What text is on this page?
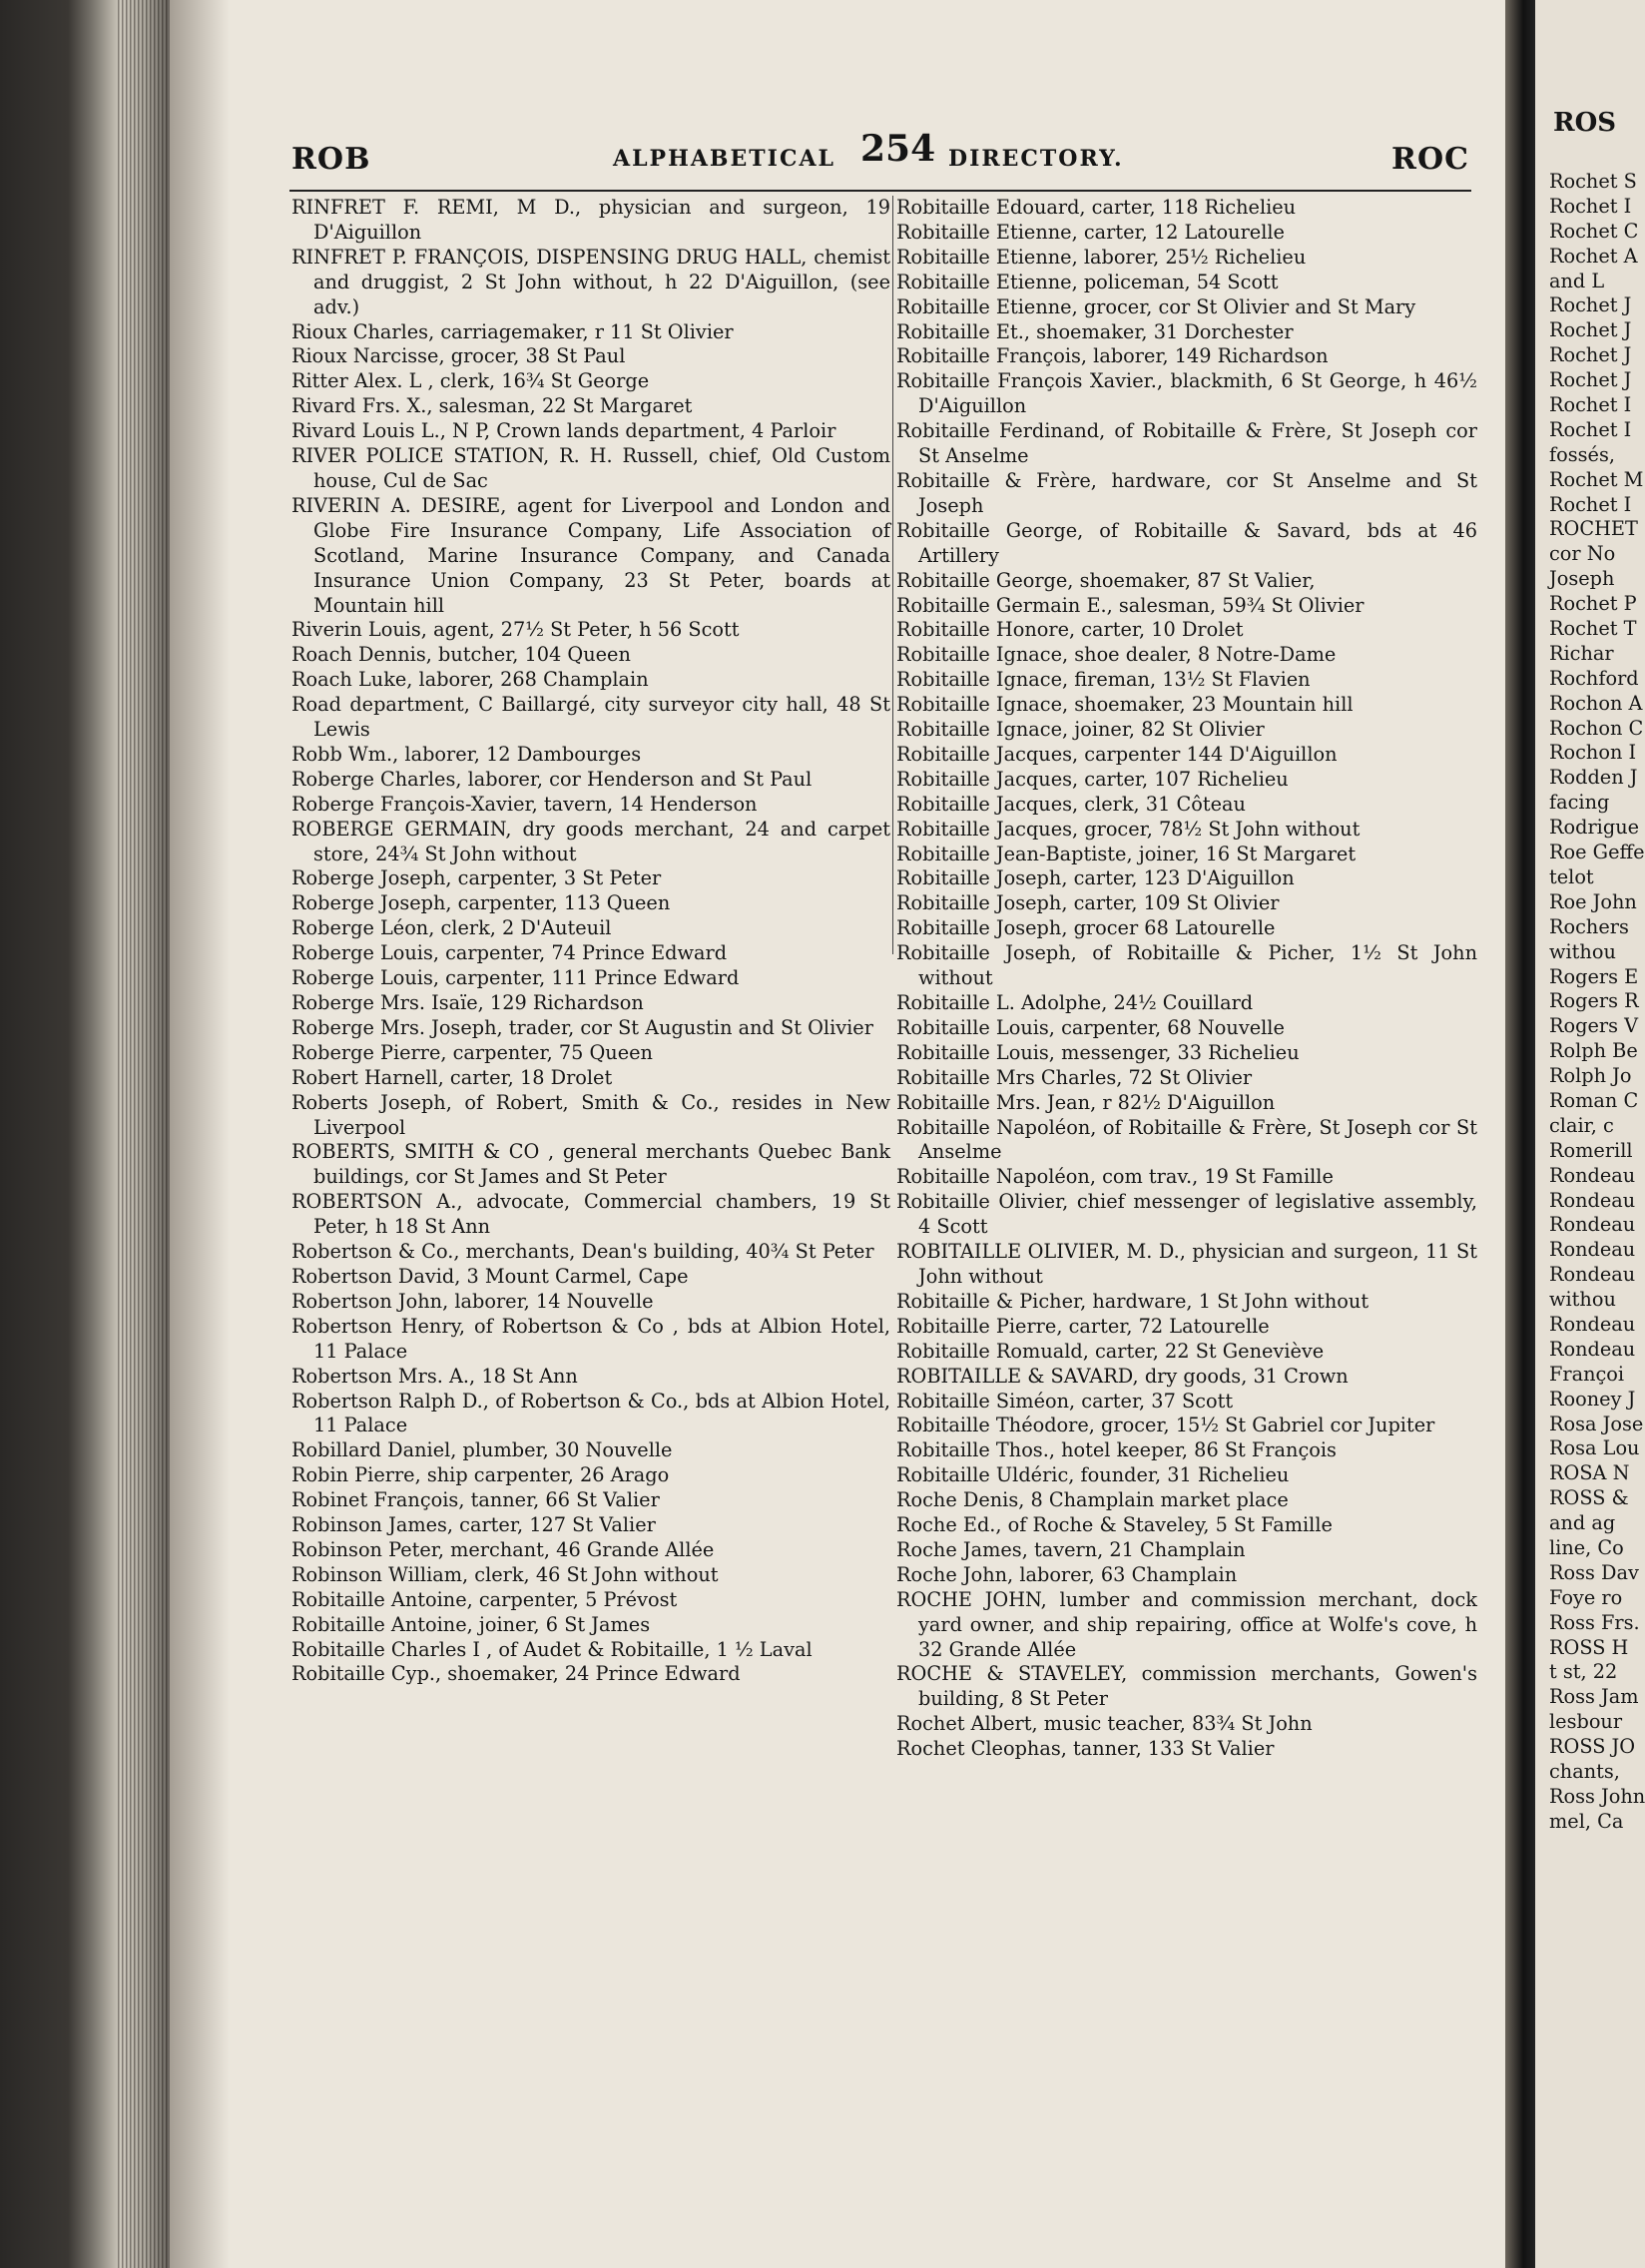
ROB	ALPHABETICAL 254 DIRECTORY.	ROC

RINFRET F. REMI, M D., physician and surgeon, 19 D'Aiguillon

RINFRET P. FRANÇOIS, DISPENSING DRUG HALL, chemist and druggist, 2 St John without, h 22 D'Aiguillon, (see adv.)

Rioux Charles, carriagemaker, r 11 St Olivier

Rioux Narcisse, grocer, 38 St Paul

Ritter Alex. L , clerk, 16¾ St George

Rivard Frs. X., salesman, 22 St Margaret

Rivard Louis L., N P, Crown lands department, 4 Parloir

RIVER POLICE STATION, R. H. Russell, chief, Old Custom house, Cul de Sac

RIVERIN A. DESIRE, agent for Liverpool and London and Globe Fire Insurance Company, Life Association of Scotland, Marine Insurance Company, and Canada Insurance Union Company, 23 St Peter, boards at Mountain hill

Riverin Louis, agent, 27½ St Peter, h 56 Scott

Roach Dennis, butcher, 104 Queen

Roach Luke, laborer, 268 Champlain

Road department, C Baillargé, city surveyor city hall, 48 St Lewis

Robb Wm., laborer, 12 Dambourges

Roberge Charles, laborer, cor Henderson and St Paul

Roberge François-Xavier, tavern, 14 Henderson

ROBERGE GERMAIN, dry goods merchant, 24 and carpet store, 24¾ St John without

Roberge Joseph, carpenter, 3 St Peter

Roberge Joseph, carpenter, 113 Queen

Roberge Léon, clerk, 2 D'Auteuil

Roberge Louis, carpenter, 74 Prince Edward

Roberge Louis, carpenter, 111 Prince Edward

Roberge Mrs. Isaïe, 129 Richardson

Roberge Mrs. Joseph, trader, cor St Augustin and St Olivier

Roberge Pierre, carpenter, 75 Queen

Robert Harnell, carter, 18 Drolet

Roberts Joseph, of Robert, Smith & Co., resides in New Liverpool

ROBERTS, SMITH & CO , general merchants Quebec Bank buildings, cor St James and St Peter

ROBERTSON A., advocate, Commercial chambers, 19 St Peter, h 18 St Ann

Robertson & Co., merchants, Dean's building, 40¾ St Peter

Robertson David, 3 Mount Carmel, Cape

Robertson John, laborer, 14 Nouvelle

Robertson Henry, of Robertson & Co , bds at Albion Hotel, 11 Palace

Robertson Mrs. A., 18 St Ann

Robertson Ralph D., of Robertson & Co., bds at Albion Hotel, 11 Palace

Robillard Daniel, plumber, 30 Nouvelle

Robin Pierre, ship carpenter, 26 Arago

Robinet François, tanner, 66 St Valier

Robinson James, carter, 127 St Valier

Robinson Peter, merchant, 46 Grande Allée

Robinson William, clerk, 46 St John without

Robitaille Antoine, carpenter, 5 Prévost

Robitaille Antoine, joiner, 6 St James

Robitaille Charles I , of Audet & Robitaille, 1 ½ Laval

Robitaille Cyp., shoemaker, 24 Prince Edward

Robitaille Edouard, carter, 118 Richelieu

Robitaille Etienne, carter, 12 Latourelle

Robitaille Etienne, laborer, 25½ Richelieu

Robitaille Etienne, policeman, 54 Scott

Robitaille Etienne, grocer, cor St Olivier and St Mary

Robitaille Et., shoemaker, 31 Dorchester

Robitaille François, laborer, 149 Richardson

Robitaille François Xavier., blackmith, 6 St George, h 46½ D'Aiguillon

Robitaille Ferdinand, of Robitaille & Frère, St Joseph cor St Anselme

Robitaille & Frère, hardware, cor St Anselme and St Joseph

Robitaille George, of Robitaille & Savard, bds at 46 Artillery

Robitaille George, shoemaker, 87 St Valier,

Robitaille Germain E., salesman, 59¾ St Olivier

Robitaille Honore, carter, 10 Drolet

Robitaille Ignace, shoe dealer, 8 Notre-Dame

Robitaille Ignace, fireman, 13½ St Flavien

Robitaille Ignace, shoemaker, 23 Mountain hill

Robitaille Ignace, joiner, 82 St Olivier

Robitaille Jacques, carpenter 144 D'Aiguillon

Robitaille Jacques, carter, 107 Richelieu

Robitaille Jacques, clerk, 31 Côteau

Robitaille Jacques, grocer, 78½ St John without

Robitaille Jean-Baptiste, joiner, 16 St Margaret

Robitaille Joseph, carter, 123 D'Aiguillon

Robitaille Joseph, carter, 109 St Olivier

Robitaille Joseph, grocer 68 Latourelle

Robitaille Joseph, of Robitaille & Picher, 1½ St John without

Robitaille L. Adolphe, 24½ Couillard

Robitaille Louis, carpenter, 68 Nouvelle

Robitaille Louis, messenger, 33 Richelieu

Robitaille Mrs Charles, 72 St Olivier

Robitaille Mrs. Jean, r 82½ D'Aiguillon

Robitaille Napoléon, of Robitaille & Frère, St Joseph cor St Anselme

Robitaille Napoléon, com trav., 19 St Famille

Robitaille Olivier, chief messenger of legislative assembly, 4 Scott

ROBITAILLE OLIVIER, M. D., physician and surgeon, 11 St John without

Robitaille & Picher, hardware, 1 St John without

Robitaille Pierre, carter, 72 Latourelle

Robitaille Romuald, carter, 22 St Geneviève

ROBITAILLE & SAVARD, dry goods, 31 Crown

Robitaille Siméon, carter, 37 Scott

Robitaille Théodore, grocer, 15½ St Gabriel cor Jupiter

Robitaille Thos., hotel keeper, 86 St François

Robitaille Uldéric, founder, 31 Richelieu

Roche Denis, 8 Champlain market place

Roche Ed., of Roche & Staveley, 5 St Famille

Roche James, tavern, 21 Champlain

Roche John, laborer, 63 Champlain

ROCHE JOHN, lumber and commission merchant, dock yard owner, and ship repairing, office at Wolfe's cove, h 32 Grande Allée

ROCHE & STAVELEY, commission merchants, Gowen's building, 8 St Peter

Rochet Albert, music teacher, 83¾ St John

Rochet Cleophas, tanner, 133 St Valier

ROS
Rochet S
Rochet I
Rochet C
Rochet A
and L
Rochet J
Rochet J
Rochet J
Rochet J
Rochet I
Rochet I
fossés,
Rochet M
Rochet I
ROCHET
cor No
Joseph
Rochet P
Rochet T
Richar
Rochford
Rochon A
Rochon C
Rochon I
Rodden J
facing
Rodrigue
Roe Geffe
telot
Roe John
Rochers
withou
Rogers E
Rogers R
Rogers V
Rolph Be
Rolph Jo
Roman C
clair, c
Romerill
Rondeau
Rondeau
Rondeau
Rondeau
Rondeau
withou
Rondeau
Rondeau
Françoi
Rooney J
Rosa Jose
Rosa Lou
ROSA N
ROSS &
and ag
line, Co
Ross Dav
Foye ro
Ross Frs.
ROSS H
t st, 22
Ross Jam
lesbour
ROSS JO
chants,
Ross John
mel, Ca
